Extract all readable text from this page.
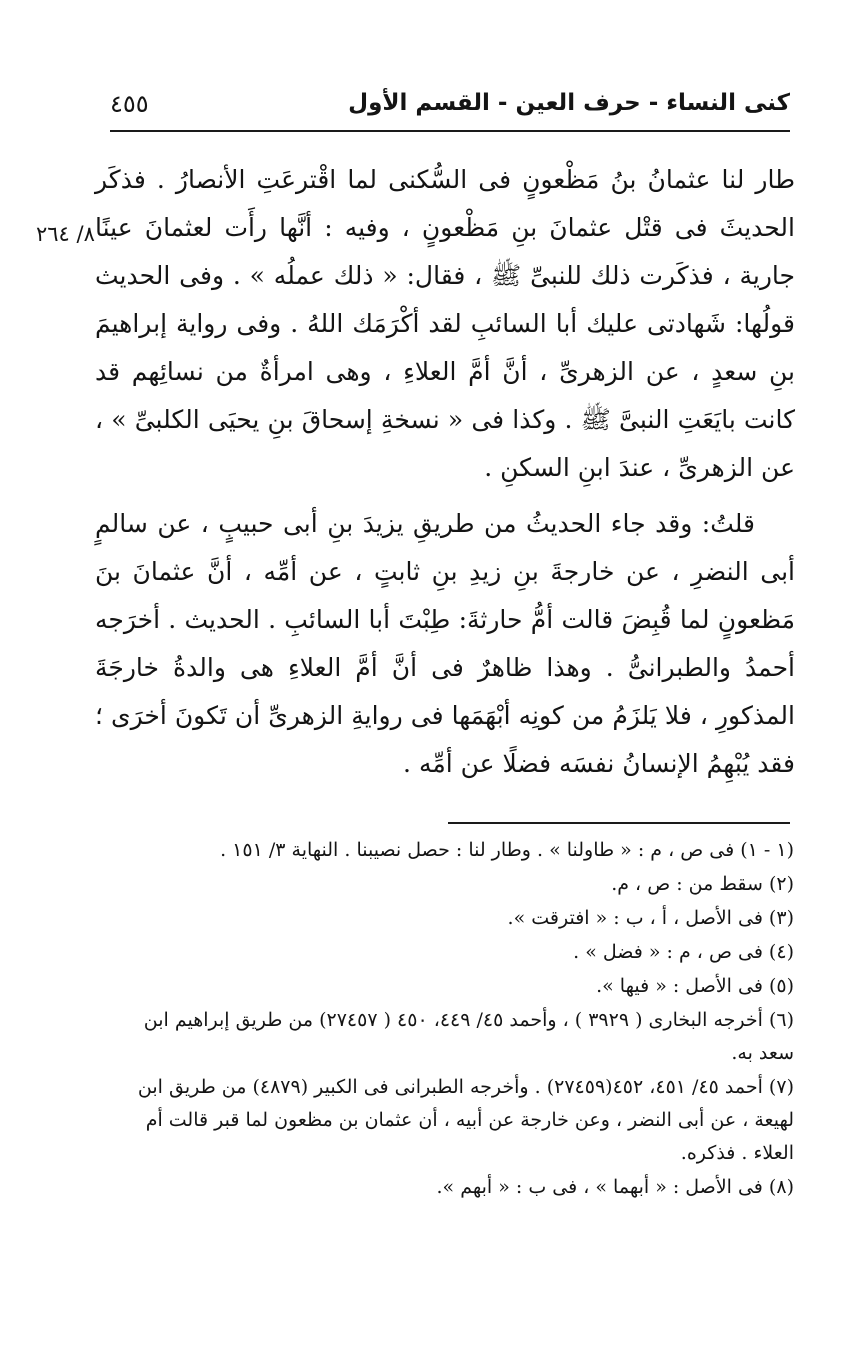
كنى النساء - حرف العين - القسم الأول
٤٥٥
٨/ ٢٦٤

طار لنا عثمانُ بنُ مَظْعونٍ فى السُّكنى لما اقْترعَتِ الأنصارُ . فذكَر الحديثَ فى قتْل عثمانَ بنِ مَظْعونٍ ، وفيه : أنَّها رأَت لعثمانَ عينًا جارية ، فذكَرت ذلك للنبىِّ ﷺ ، فقال: « ذلك عملُه » . وفى الحديث قولُها: شَهادتى عليك أبا السائبِ لقد أكْرَمَك اللهُ . وفى رواية إبراهيمَ بنِ سعدٍ ، عن الزهرىِّ ، أنَّ أمَّ العلاءِ ، وهى امرأةٌ من نسائِهم قد كانت بايَعَتِ النبىَّ ﷺ . وكذا فى « نسخةِ إسحاقَ بنِ يحيَى الكلبىِّ » ، عن الزهرىِّ ، عندَ ابنِ السكنِ .

قلتُ: وقد جاء الحديثُ من طريقِ يزيدَ بنِ أبى حبيبٍ ، عن سالمٍ أبى النضرِ ، عن خارجةَ بنِ زيدِ بنِ ثابتٍ ، عن أمِّه ، أنَّ عثمانَ بنَ مَظعونٍ لما قُبِضَ قالت أمُّ حارثةَ: طِبْتَ أبا السائبِ . الحديث . أخرَجه أحمدُ والطبرانىُّ . وهذا ظاهرٌ فى أنَّ أمَّ العلاءِ هى والدةُ خارجَةَ المذكورِ ، فلا يَلزَمُ من كونِه أبْهَمَها فى روايةِ الزهرىِّ أن تَكونَ أخرَى ؛ فقد يُبْهِمُ الإنسانُ نفسَه فضلًا عن أمِّه .

(١ - ١) فى ص ، م : « طاولنا » . وطار لنا : حصل نصيبنا . النهاية ٣/ ١٥١ .

(٢) سقط من : ص ، م.

(٣) فى الأصل ، أ ، ب : « افترقت ».

(٤) فى ص ، م : « فضل » .

(٥) فى الأصل : « فيها ».

(٦) أخرجه البخارى ( ٣٩٢٩ ) ، وأحمد ٤٥/ ٤٤٩، ٤٥٠ ( ٢٧٤٥٧) من طريق إبراهيم ابن سعد به.

(٧) أحمد ٤٥/ ٤٥١، ٤٥٢(٢٧٤٥٩) . وأخرجه الطبرانى فى الكبير (٤٨٧٩) من طريق ابن لهيعة ، عن أبى النضر ، وعن خارجة عن أبيه ، أن عثمان بن مظعون لما قبر قالت أم العلاء . فذكره.

(٨) فى الأصل : « أبهما » ، فى ب : « أبهم ».
